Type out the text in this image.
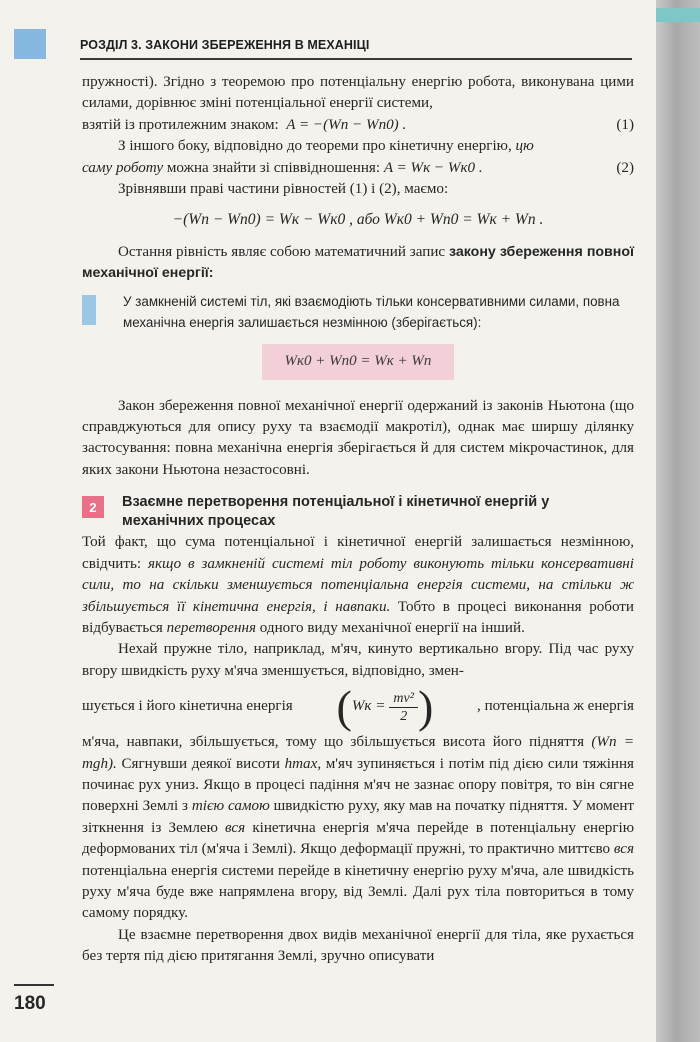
РОЗДІЛ 3. ЗАКОНИ ЗБЕРЕЖЕННЯ В МЕХАНІЦІ

пружності). Згідно з теоремою про потенціальну енергію робота, виконувана цими силами, дорівнює зміні потенціальної енергії системи,

взятій із протилежним знаком: A = −(Wп − Wп0) .	(1)

З іншого боку, відповідно до теореми про кінетичну енергію, цю

саму роботу можна знайти зі співвідношення: A = Wк − Wк0 .	(2)

Зрівнявши праві частини рівностей (1) і (2), маємо:

−(Wп − Wп0) = Wк − Wк0 , або Wк0 + Wп0 = Wк + Wп .

Остання рівність являє собою математичний запис закону збереження повної механічної енергії:

У замкненій системі тіл, які взаємодіють тільки консервативними силами, повна механічна енергія залишається незмінною (зберігається):
Wк0 + Wп0 = Wк + Wп

Закон збереження повної механічної енергії одержаний із законів Ньютона (що справджуються для опису руху та взаємодії макротіл), однак має ширшу ділянку застосування: повна механічна енергія зберігається й для систем мікрочастинок, для яких закони Ньютона незастосовні.

2	Взаємне перетворення потенціальної і кінетичної енергій у механічних процесах

Той факт, що сума потенціальної і кінетичної енергій залишається незмінною, свідчить: якщо в замкненій системі тіл роботу виконують тільки консервативні сили, то на скільки зменшується потенціальна енергія системи, на стільки ж збільшується її кінетична енергія, і навпаки. Тобто в процесі виконання роботи відбувається перетворення одного виду механічної енергії на інший.

Нехай пружне тіло, наприклад, м'яч, кинуто вертикально вгору. Під час руху вгору швидкість руху м'яча зменшується, відповідно, змен-

шується і його кінетична енергія ( Wк = $\frac{\text{mv²}}{2}$ )	, потенціальна ж енергія

м'яча, навпаки, збільшується, тому що збільшується висота його підняття (Wп = mgh). Сягнувши деякої висоти hmax, м'яч зупиняється і потім під дією сили тяжіння починає рух униз. Якщо в процесі падіння м'яч не зазнає опору повітря, то він сягне поверхні Землі з тією самою швидкістю руху, яку мав на початку підняття. У момент зіткнення із Землею вся кінетична енергія м'яча перейде в потенціальну енергію деформованих тіл (м'яча і Землі). Якщо деформації пружні, то практично миттєво вся потенціальна енергія системи перейде в кінетичну енергію руху м'яча, але швидкість руху м'яча буде вже напрямлена вгору, від Землі. Далі рух тіла повториться в тому самому порядку.

Це взаємне перетворення двох видів механічної енергії для тіла, яке рухається без тертя під дією притягання Землі, зручно описувати

180
